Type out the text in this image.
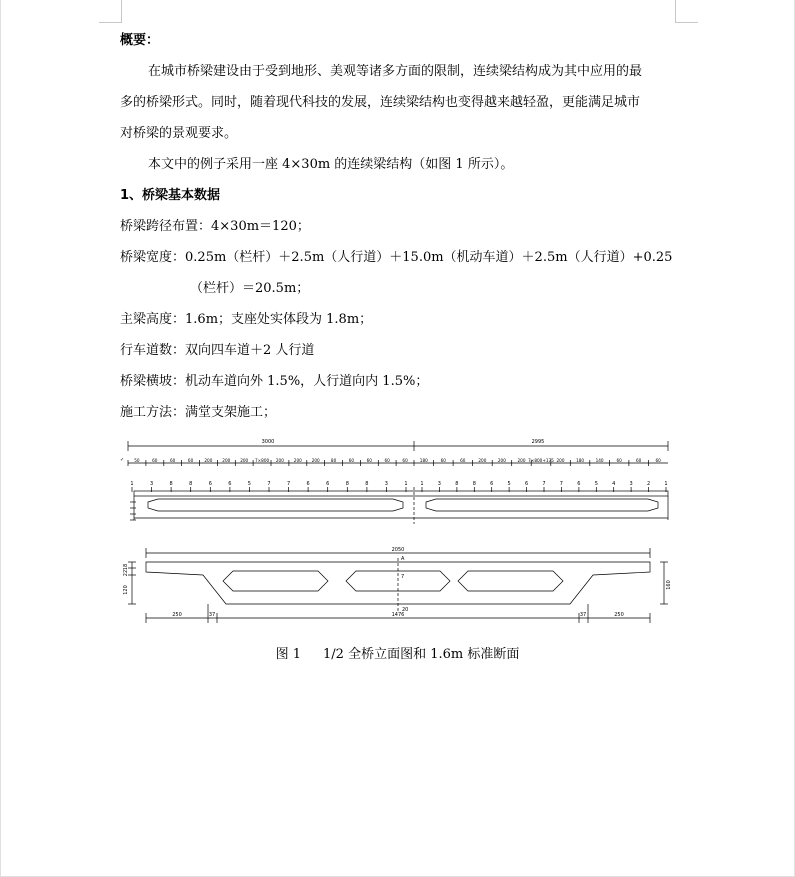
概要：
在城市桥梁建设由于受到地形、美观等诸多方面的限制，连续梁结构成为其中应用的最
多的桥梁形式。同时，随着现代科技的发展，连续梁结构也变得越来越轻盈，更能满足城市
对桥梁的景观要求。
本文中的例子采用一座 4×30m 的连续梁结构（如图 1 所示）。
1、桥梁基本数据
桥梁跨径布置：4×30m＝120；
桥梁宽度：0.25m（栏杆）＋2.5m（人行道）＋15.0m（机动车道）＋2.5m（人行道）+0.25
（栏杆）＝20.5m；
主梁高度：1.6m；支座处实体段为 1.8m；
行车道数：双向四车道＋2 人行道
桥梁横坡：机动车道向外 1.5%，人行道向内 1.5%；
施工方法：满堂支架施工；
3000	2995
✓ 50	60	60	60	200 200 200 7×800 200 200 200	80	60	60	60	60	180	60	60	200	200	200 7×800+175 200	180	140	60	60	60
1	3	8	8	6	6	5	7	7	6	6	8	8	3	1	1	3	8	8	6	5	6	7	7	6	5	4	3	2	1
2050
160
18
22
120
A
7
20
250	37	1476	37	250
图 1 1/2 全桥立面图和 1.6m 标准断面
